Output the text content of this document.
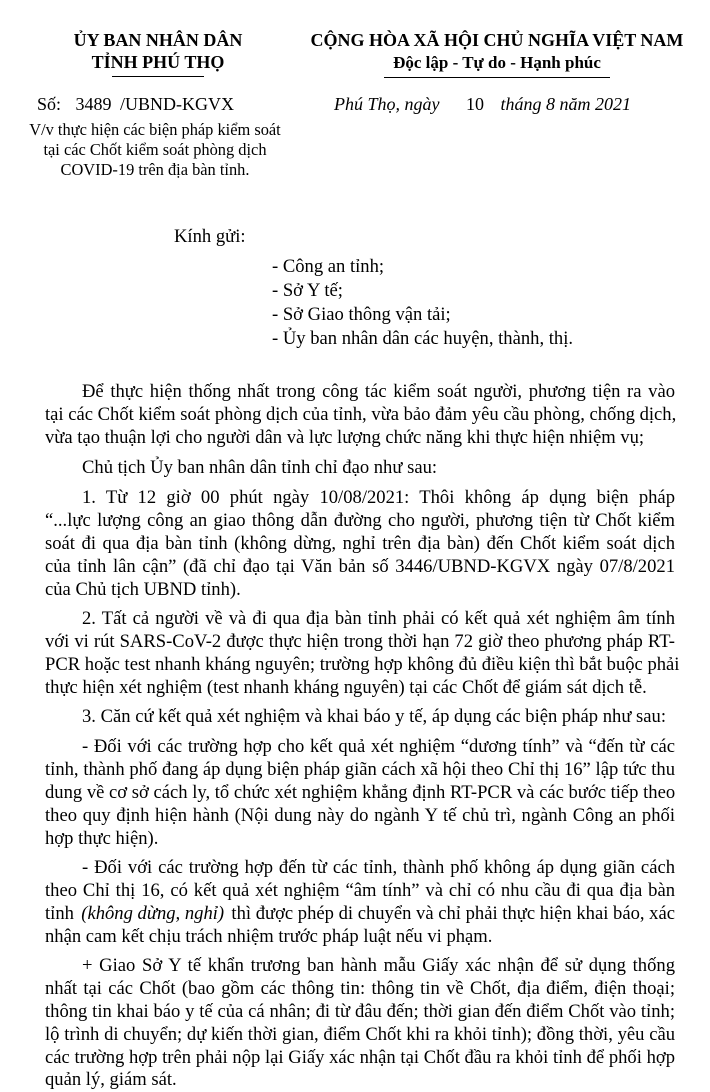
ỦY BAN NHÂN DÂN
TỈNH PHÚ THỌ
CỘNG HÒA XÃ HỘI CHỦ NGHĨA VIỆT NAM
Độc lập - Tự do - Hạnh phúc
Số: 3489 /UBND-KGVX	Phú Thọ, ngày 10 tháng 8 năm 2021
V/v thực hiện các biện pháp kiểm soát
tại các Chốt kiểm soát phòng dịch
COVID-19 trên địa bàn tỉnh.
Kính gửi:
- Công an tỉnh;
- Sở Y tế;
- Sở Giao thông vận tải;
- Ủy ban nhân dân các huyện, thành, thị.
Để thực hiện thống nhất trong công tác kiểm soát người, phương tiện ra vào
tại các Chốt kiểm soát phòng dịch của tỉnh, vừa bảo đảm yêu cầu phòng, chống dịch,
vừa tạo thuận lợi cho người dân và lực lượng chức năng khi thực hiện nhiệm vụ;
Chủ tịch Ủy ban nhân dân tỉnh chỉ đạo như sau:
1. Từ 12 giờ 00 phút ngày 10/08/2021: Thôi không áp dụng biện pháp
“...lực lượng công an giao thông dẫn đường cho người, phương tiện từ Chốt kiểm
soát đi qua địa bàn tỉnh (không dừng, nghỉ trên địa bàn) đến Chốt kiểm soát dịch
của tỉnh lân cận” (đã chỉ đạo tại Văn bản số 3446/UBND-KGVX ngày 07/8/2021
của Chủ tịch UBND tỉnh).
2. Tất cả người về và đi qua địa bàn tỉnh phải có kết quả xét nghiệm âm tính
với vi rút SARS-CoV-2 được thực hiện trong thời hạn 72 giờ theo phương pháp RT-
PCR hoặc test nhanh kháng nguyên; trường hợp không đủ điều kiện thì bắt buộc phải
thực hiện xét nghiệm (test nhanh kháng nguyên) tại các Chốt để giám sát dịch tễ.
3. Căn cứ kết quả xét nghiệm và khai báo y tế, áp dụng các biện pháp như sau:
- Đối với các trường hợp cho kết quả xét nghiệm “dương tính” và “đến từ các
tỉnh, thành phố đang áp dụng biện pháp giãn cách xã hội theo Chỉ thị 16” lập tức thu
dung về cơ sở cách ly, tổ chức xét nghiệm khẳng định RT-PCR và các bước tiếp theo
theo quy định hiện hành (Nội dung này do ngành Y tế chủ trì, ngành Công an phối
hợp thực hiện).
- Đối với các trường hợp đến từ các tỉnh, thành phố không áp dụng giãn cách
theo Chỉ thị 16, có kết quả xét nghiệm “âm tính” và chỉ có nhu cầu đi qua địa bàn
tỉnh (không dừng, nghỉ) thì được phép di chuyển và chỉ phải thực hiện khai báo, xác
nhận cam kết chịu trách nhiệm trước pháp luật nếu vi phạm.
+ Giao Sở Y tế khẩn trương ban hành mẫu Giấy xác nhận để sử dụng thống
nhất tại các Chốt (bao gồm các thông tin: thông tin về Chốt, địa điểm, điện thoại;
thông tin khai báo y tế của cá nhân; đi từ đâu đến; thời gian đến điểm Chốt vào tỉnh;
lộ trình di chuyển; dự kiến thời gian, điểm Chốt khi ra khỏi tỉnh); đồng thời, yêu cầu
các trường hợp trên phải nộp lại Giấy xác nhận tại Chốt đầu ra khỏi tỉnh để phối hợp
quản lý, giám sát.
